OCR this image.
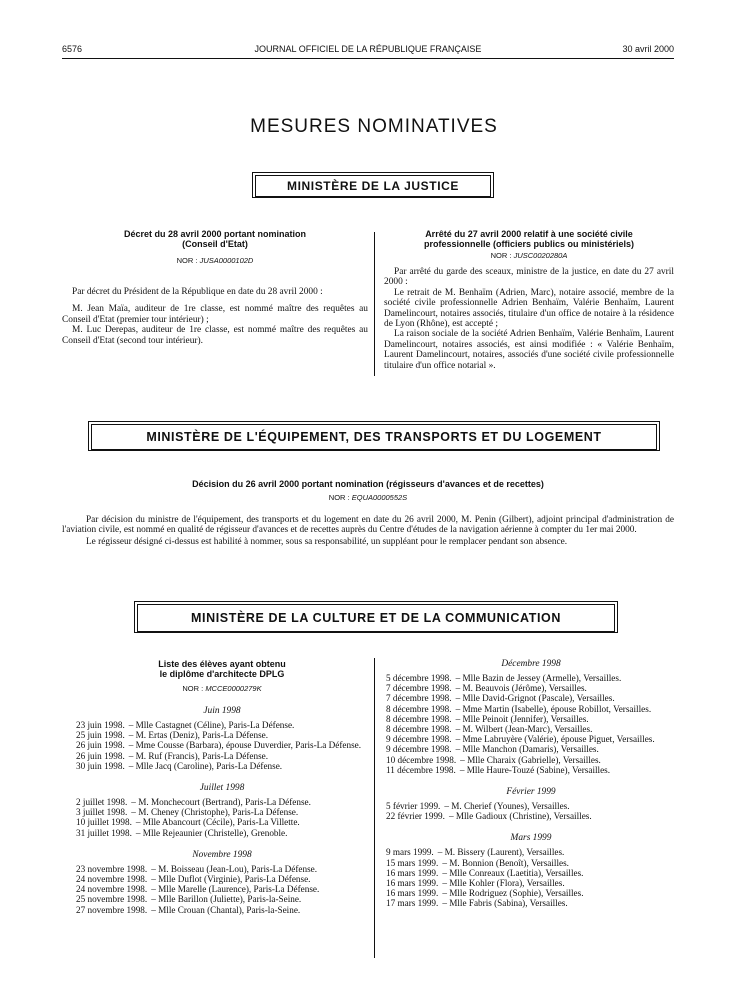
6576	JOURNAL OFFICIEL DE LA RÉPUBLIQUE FRANÇAISE	30 avril 2000
MESURES NOMINATIVES
MINISTÈRE DE LA JUSTICE
Décret du 28 avril 2000 portant nomination
(Conseil d'Etat)
NOR : JUSA0000102D

Par décret du Président de la République en date du 28 avril 2000 :

M. Jean Maïa, auditeur de 1re classe, est nommé maître des requêtes au Conseil d'Etat (premier tour intérieur) ;

M. Luc Derepas, auditeur de 1re classe, est nommé maître des requêtes au Conseil d'Etat (second tour intérieur).

Arrêté du 27 avril 2000 relatif à une société civile
professionnelle (officiers publics ou ministériels)
NOR : JUSC0020280A

Par arrêté du garde des sceaux, ministre de la justice, en date du 27 avril 2000 :

Le retrait de M. Benhaïm (Adrien, Marc), notaire associé, membre de la société civile professionnelle Adrien Benhaïm, Valérie Benhaïm, Laurent Damelincourt, notaires associés, titulaire d'un office de notaire à la résidence de Lyon (Rhône), est accepté ;

La raison sociale de la société Adrien Benhaïm, Valérie Benhaïm, Laurent Damelincourt, notaires associés, est ainsi modifiée : « Valérie Benhaïm, Laurent Damelincourt, notaires, associés d'une société civile professionnelle titulaire d'un office notarial ».

MINISTÈRE DE L'ÉQUIPEMENT, DES TRANSPORTS ET DU LOGEMENT
Décision du 26 avril 2000 portant nomination (régisseurs d'avances et de recettes)
NOR : EQUA0000552S

Par décision du ministre de l'équipement, des transports et du logement en date du 26 avril 2000, M. Penin (Gilbert), adjoint principal d'administration de l'aviation civile, est nommé en qualité de régisseur d'avances et de recettes auprès du Centre d'études de la navigation aérienne à compter du 1er mai 2000.

Le régisseur désigné ci-dessus est habilité à nommer, sous sa responsabilité, un suppléant pour le remplacer pendant son absence.

MINISTÈRE DE LA CULTURE ET DE LA COMMUNICATION
Liste des élèves ayant obtenu
le diplôme d'architecte DPLG
NOR : MCCE0000279K
Juin 1998
23 juin 1998. – Mlle Castagnet (Céline), Paris-La Défense.
25 juin 1998. – M. Ertas (Deniz), Paris-La Défense.
26 juin 1998. – Mme Cousse (Barbara), épouse Duverdier, Paris-La Défense.
26 juin 1998. – M. Ruf (Francis), Paris-La Défense.
30 juin 1998. – Mlle Jacq (Caroline), Paris-La Défense.
Juillet 1998
2 juillet 1998. – M. Monchecourt (Bertrand), Paris-La Défense.
3 juillet 1998. – M. Cheney (Christophe), Paris-La Défense.
10 juillet 1998. – Mlle Abancourt (Cécile), Paris-La Villette.
31 juillet 1998. – Mlle Rejeaunier (Christelle), Grenoble.
Novembre 1998
23 novembre 1998. – M. Boisseau (Jean-Lou), Paris-La Défense.
24 novembre 1998. – Mlle Duflot (Virginie), Paris-La Défense.
24 novembre 1998. – Mlle Marelle (Laurence), Paris-La Défense.
25 novembre 1998. – Mlle Barillon (Juliette), Paris-la-Seine.
27 novembre 1998. – Mlle Crouan (Chantal), Paris-la-Seine.
Décembre 1998
5 décembre 1998. – Mlle Bazin de Jessey (Armelle), Versailles.
7 décembre 1998. – M. Beauvois (Jérôme), Versailles.
7 décembre 1998. – Mlle David-Grignot (Pascale), Versailles.
8 décembre 1998. – Mme Martin (Isabelle), épouse Robillot, Versailles.
8 décembre 1998. – Mlle Peinoit (Jennifer), Versailles.
8 décembre 1998. – M. Wilbert (Jean-Marc), Versailles.
9 décembre 1998. – Mme Labruyère (Valérie), épouse Piguet, Versailles.
9 décembre 1998. – Mlle Manchon (Damaris), Versailles.
10 décembre 1998. – Mlle Charaix (Gabrielle), Versailles.
11 décembre 1998. – Mlle Haure-Touzé (Sabine), Versailles.
Février 1999
5 février 1999. – M. Cherief (Younes), Versailles.
22 février 1999. – Mlle Gadioux (Christine), Versailles.
Mars 1999
9 mars 1999. – M. Bissery (Laurent), Versailles.
15 mars 1999. – M. Bonnion (Benoît), Versailles.
16 mars 1999. – Mlle Conreaux (Laetitia), Versailles.
16 mars 1999. – Mlle Kohler (Flora), Versailles.
16 mars 1999. – Mlle Rodriguez (Sophie), Versailles.
17 mars 1999. – Mlle Fabris (Sabina), Versailles.
